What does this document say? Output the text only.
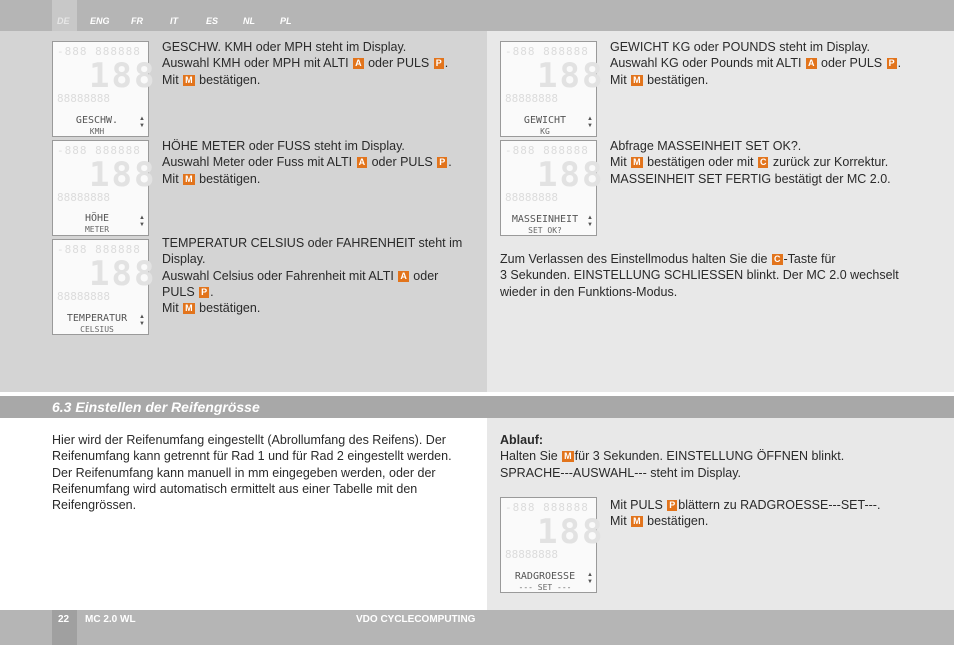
DE ENG FR	IT	ES	NL	PL
-888 888888
188
88888888
GESCHW.
KMH
▲
▼

GESCHW. KMH oder MPH steht im Display.

Auswahl KMH oder MPH mit ALTI A oder PULS P .

Mit M bestätigen.

-888 888888
188
88888888
HÖHE
METER
▲
▼

HÖHE METER oder FUSS steht im Display.

Auswahl Meter oder Fuss mit ALTI A oder PULS P .

Mit M bestätigen.

-888 888888
188
88888888
TEMPERATUR
CELSIUS
▲
▼

TEMPERATUR CELSIUS oder FAHRENHEIT steht im Display.

Auswahl Celsius oder Fahrenheit mit ALTI A oder PULS P .

Mit M bestätigen.

-888 888888
188
88888888
GEWICHT
KG
▲
▼

GEWICHT KG oder POUNDS steht im Display.

Auswahl KG oder Pounds mit ALTI A oder PULS P .

Mit M bestätigen.

-888 888888
188
88888888
MASSEINHEIT
SET OK?
▲
▼

Abfrage MASSEINHEIT SET OK?.

Mit M bestätigen oder mit C zurück zur Korrektur.

MASSEINHEIT SET FERTIG bestätigt der MC 2.0.

Zum Verlassen des Einstellmodus halten Sie die C -Taste für

3 Sekunden. EINSTELLUNG SCHLIESSEN blinkt. Der MC 2.0 wechselt wieder in den Funktions-Modus.

6.3 Einstellen der Reifengrösse

Hier wird der Reifenumfang eingestellt (Abrollumfang des Reifens). Der Reifenumfang kann getrennt für Rad 1 und für Rad 2 eingestellt werden. Der Reifenumfang kann manuell in mm eingegeben werden, oder der Reifenumfang wird automatisch ermittelt aus einer Tabelle mit den Reifengrössen.

Ablauf:

Halten Sie M für 3 Sekunden. EINSTELLUNG ÖFFNEN blinkt.

SPRACHE---AUSWAHL--- steht im Display.

-888 888888
188
88888888
RADGROESSE
--- SET ---
▲
▼

Mit PULS P blättern zu RADGROESSE---SET---.

Mit M bestätigen.

22 MC 2.0 WL	VDO CYCLECOMPUTING
